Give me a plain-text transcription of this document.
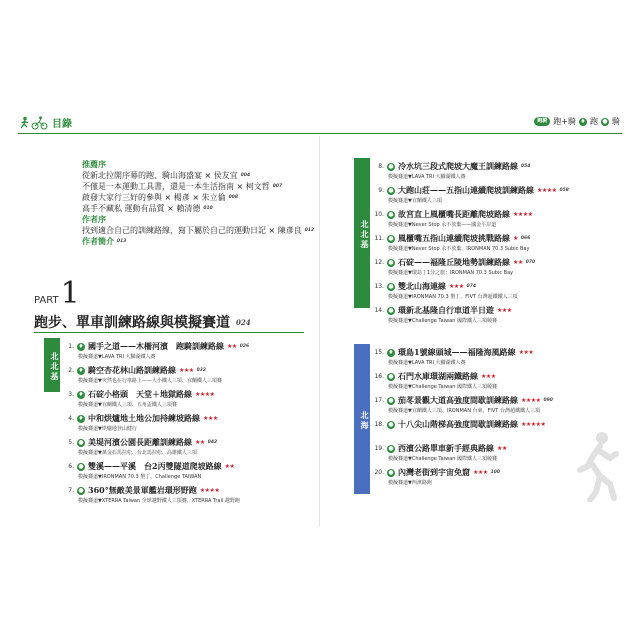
目錄	跑騎 跑+騎 ♦ 跑 ● 騎
推薦序
從新北拉開序幕的跑、騎山海盛宴 × 侯友宜 004
不僅是一本運動工具書，還是一本生活指南 × 柯文哲 007
啟發大家行三好的參與 × 楊彥 × 朱立倫 008
高手不藏私 運動有品質 × 賴清德 010
作者序
找到適合自己的訓練路線，寫下屬於自己的運動日記 × 陳彥良 012
作者簡介 013
PART 1
跑步、單車訓練路線與模擬賽道 024
北北基
北北基
北海
1. ♦ 國手之道——木柵河濱　跑騎訓練路線 ★★ 026
模擬賽道▼LAVA TRI 大腳湖鐵人賽
2. ♦ 騎空杏花林山路訓練路線 ★★★ 032
模擬賽道▼突然也在行車路上——大小鐵人三項、宜蘭鐵人三項賽
3. ♦ 石碇小格頭　天堂＋地獄路線 ★★★★
模擬賽道▼宜蘭鐵人三項、五角盃鐵人三項賽
4. ♦ 中和烘爐地土地公加持練坡路線 ★★★
模擬賽道▼烘爐地登山健行
5. ● 美堤河濱公園長距離訓練路線 ★★ 042
模擬賽道▼萬金石馬拉松、台北馬拉松、高雄鐵人三項
6. ● 雙溪——平溪　台2丙雙隧道爬坡路線 ★★
模擬賽道▼IRONMAN 70.3 墾丁、Challenge TAIWAN
7. ● 360°無敵美景軍艦岩環形野跑 ★★★★
模擬賽道▼XTERRA Taiwan 全球越野鐵人三項賽、XTERRA Trail 越野跑
8. ● 冷水坑三段式爬坡大魔王訓練路線 054
模擬賽道▼LAVA TRI 大腳湖鐵人賽
9. ● 大跑山莊——五指山連續爬坡訓練路線 ★★★★ 058
模擬賽道▼宜蘭鐵人三項
10. ● 故宮直上風櫃嘴長距離爬坡路線 ★★★★
模擬賽道▼Never Stop 永不放棄——國金平岸道
11. ● 風櫃嘴五指山連續爬坡挑戰路線 ★ 066
模擬賽道▼Never Stop 永不放棄、IRONMAN 70.3 Subic Bay
12. ● 石碇——福隆丘陵地勢訓練路線 ★★ 070
模擬賽道▼環島丁1分之旅；IRONMAN 70.3 Subic Bay
13. ● 雙北山海連線 ★★★ 074
模擬賽道▼IRONMAN 70.3 墾丁、FIVT 台灣超鐵鐵人三項
14. ● 環新北基隆自行車道半日遊 ★★★
模擬賽道▼Challenge Taiwan 國際鐵人三項競賽
15. ♦ 環島1號線頭城——福隆海風路線 ★★★
模擬賽道▼LAVA TRI 大腳湖鐵人賽
16. ● 石門水庫環湖兩鐵路線 ★★★
模擬賽道▼Challenge Taiwan 國際鐵人三項競賽
17. ● 茄苳景觀大道高強度間歇訓練路線 ★★★★ 090
模擬賽道▼宜蘭鐵人三項、IRONMAN 台東、FIVT 台灣超鐵鐵人三項
18. ● 十八尖山階梯高強度間歇訓練路線 ★★★★★
19. ● 西濱公路單車新手經典路線 ★★
模擬賽道▼Challenge Taiwan 國際鐵人三項競賽
20. ● 內灣老街到宇宙免窟 ★★★ 100
模擬賽道▼西濱路跑
